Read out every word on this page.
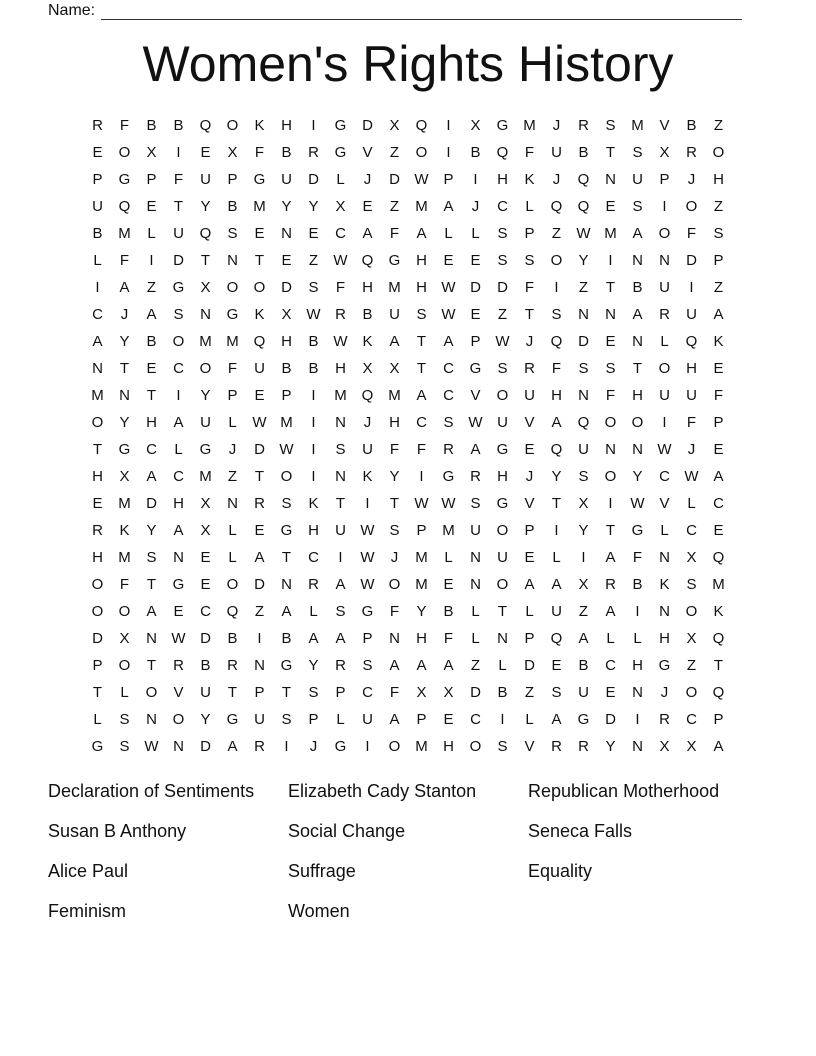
Name:
Women's Rights History
R	F	B	B	Q	O	K	H	I	G	D	X	Q	I	X	G M	J	R	S	M	V	B	Z
E	O	X	I	E	X	F	B	R	G	V	Z	O	I	B	Q	F	U	B	T	S	X	R	O
P	G	P	F	U	P	G	U	D	L	J	D W P	I	H	K	J	Q	N	U	P	J	H
U	Q	E	T	Y	B	M	Y	Y	X	E	Z	M	A	J	C	L	Q	Q	E	S	I	O	Z
B	M	L	U	Q	S	E	N	E	C	A	F	A	L	L	S	P	Z	W M	A	O	F	S
L	F	I	D	T	N	T	E	Z	W Q	G	H	E	E	S	S	O	Y	I	N	N	D	P
I	A	Z	G	X	O	O	D	S	F	H	M	H W D	D	F	I	Z	T	B	U	I	Z
C	J	A	S	N	G	K	X W R	B	U	S W E	Z	T	S	N	N	A	R	U	A
A	Y	B	O M M Q	H	B W K	A	T	A	P W	J	Q	D	E	N	L	Q	K
N	T	E	C	O	F	U	B	B	H	X	X	T	C	G	S	R	F	S	S	T	O	H	E
M	N	T	I	Y	P	E	P	I	M Q M	A	C	V	O	U	H	N	F	H	U	U	F
O	Y	H	A	U	L	W M	I	N	J	H	C	S W U	V	A	Q	O	O	I	F	P
T	G	C	L	G	J	D W	I	S	U	F	F	R	A	G	E	Q	U	N	N W	J	E
H	X	A	C	M	Z	T	O	I	N	K	Y	I	G	R	H	J	Y	S	O	Y	C W A
E	M	D	H	X	N	R	S	K	T	I	T	W W S	G	V	T	X	I	W V	L	C
R	K	Y	A	X	L	E	G	H	U W S	P	M	U	O	P	I	Y	T	G	L	C	E
H	M	S	N	E	L	A	T	C	I	W	J	M	L	N	U	E	L	I	A	F	N	X	Q
O	F	T	G	E	O	D	N	R	A W O M	E	N	O	A	A	X	R	B	K	S	M
O	O	A	E	C	Q	Z	A	L	S	G	F	Y	B	L	T	L	U	Z	A	I	N	O	K
D	X	N W D	B	I	B	A	A	P	N	H	F	L	N	P	Q	A	L	L	H	X	Q
P	O	T	R	B	R	N	G	Y	R	S	A	A	A	Z	L	D	E	B	C	H	G	Z	T
T	L	O	V	U	T	P	T	S	P	C	F	X	X	D	B	Z	S	U	E	N	J	O	Q
L	S	N	O	Y	G	U	S	P	L	U	A	P	E	C	I	L	A	G	D	I	R	C	P
G	S W N	D	A	R	I	J	G	I	O M	H	O	S	V	R	R	Y	N	X	X	A
Declaration of Sentiments	Elizabeth Cady Stanton	Republican Motherhood
Susan B Anthony	Social Change	Seneca Falls
Alice Paul	Suffrage	Equality
Feminism	Women
